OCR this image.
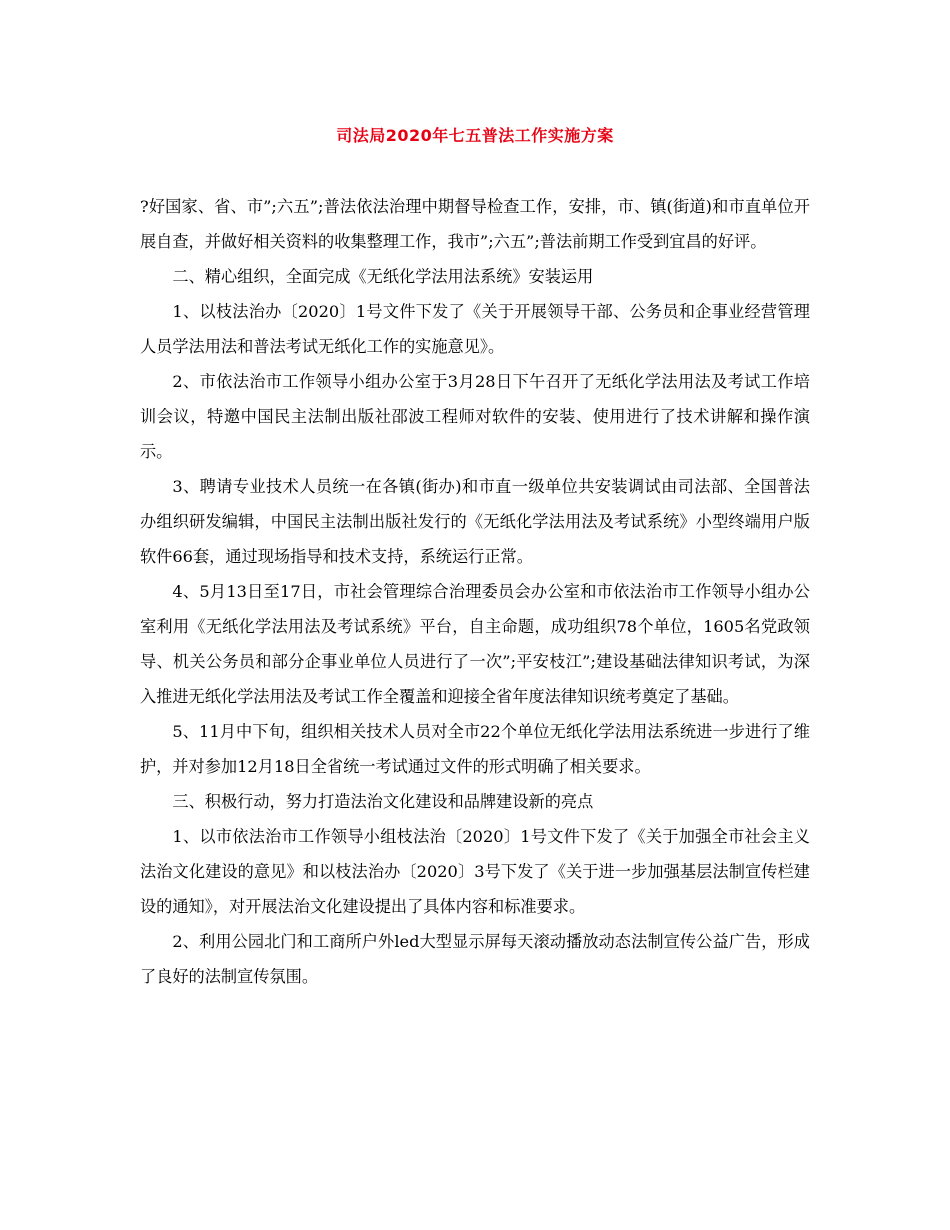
司法局2020年七五普法工作实施方案

?好国家、省、市”;六五”;普法依法治理中期督导检查工作，安排，市、镇(街道)和市直单位开展自查，并做好相关资料的收集整理工作，我市”;六五”;普法前期工作受到宜昌的好评。

二、精心组织，全面完成《无纸化学法用法系统》安装运用

1、以枝法治办〔2020〕1号文件下发了《关于开展领导干部、公务员和企事业经营管理人员学法用法和普法考试无纸化工作的实施意见》。

2、市依法治市工作领导小组办公室于3月28日下午召开了无纸化学法用法及考试工作培训会议，特邀中国民主法制出版社邵波工程师对软件的安装、使用进行了技术讲解和操作演示。

3、聘请专业技术人员统一在各镇(街办)和市直一级单位共安装调试由司法部、全国普法办组织研发编辑，中国民主法制出版社发行的《无纸化学法用法及考试系统》小型终端用户版软件66套，通过现场指导和技术支持，系统运行正常。

4、5月13日至17日，市社会管理综合治理委员会办公室和市依法治市工作领导小组办公室利用《无纸化学法用法及考试系统》平台，自主命题，成功组织78个单位，1605名党政领导、机关公务员和部分企事业单位人员进行了一次”;平安枝江”;建设基础法律知识考试，为深入推进无纸化学法用法及考试工作全覆盖和迎接全省年度法律知识统考奠定了基础。

5、11月中下旬，组织相关技术人员对全市22个单位无纸化学法用法系统进一步进行了维护，并对参加12月18日全省统一考试通过文件的形式明确了相关要求。

三、积极行动，努力打造法治文化建设和品牌建设新的亮点

1、以市依法治市工作领导小组枝法治〔2020〕1号文件下发了《关于加强全市社会主义法治文化建设的意见》和以枝法治办〔2020〕3号下发了《关于进一步加强基层法制宣传栏建设的通知》，对开展法治文化建设提出了具体内容和标准要求。

2、利用公园北门和工商所户外led大型显示屏每天滚动播放动态法制宣传公益广告，形成了良好的法制宣传氛围。
